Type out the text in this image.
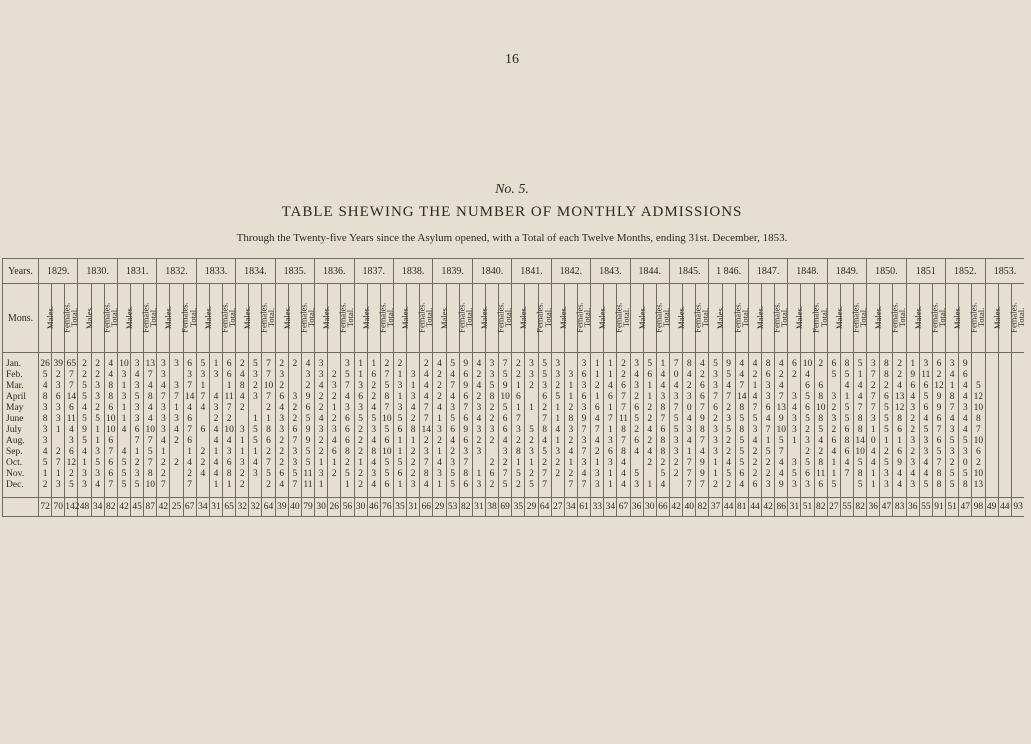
16
No. 5.
TABLE SHEWING THE NUMBER OF MONTHLY ADMISSIONS
Through the Twenty-five Years since the Asylum opened, with a Total of each Twelve Months, ending 31st. December, 1853.
Years.	1829.	1830.	1831.	1832.	1833.	1834.	1835.	1836.	1837.	1838.	1839.	1840.	1841.	1842.	1843.	1844.	1845.	1 846.	1847.	1848.	1849.	1850.	1851	1852.	1853.
Mons.	Males.	Females.	Total.	Males.	Females.	Total.	Males.	Females.	Total.	Males.	Females.	Total.	Males.	Females.	Total.	Males.	Females.	Total.	Males.	Females.	Total.	Males.	Females.	Total.	Males.	Females.	Total.	Males.	Females.	Total.	Males.	Females.	Total.	Males.	Females.	Total.	Males.	Females.	Total.	Males.	Females.	Total.	Males.	Females.	Total.	Males.	Females.	Total.	Males.	Females.	Total.	Males.	Females.	Total.	Males.	Females.	Total.	Males.	Females.	Total.	Males.	Females.	Total.	Males.	Females.	Total.	Males.	Females.	Total.	Males.	Females.	Total.	Males.	Females.	Total.
Jan.	26	39	65	2	2	4	10	3	13	3	3	6	5	1	6	2	5	7	2	2	4	3		3	1	1	2	2		2	4	5	9	4	3	7	2	3	5	3		3	1	1	2	3	5	1	7	8	4	5	9	4	4	8	4	6	10	2	6	8	5	3	8	2	1	3	6	3	9				
Feb.	5	2	7	2	2	4	3	4	7	3		3	3	3	6	4	3	7	3		3	3	2	5	1	6	7	1	3	4	2	4	6	2	3	5	2	3	5	3	3	6	1	1	2	4	6	4	0	4	2	3	5	4	2	6	2	2	4		5	5	1	7	8	2	9	11	2	4	6				
Mar.	4	3	7	5	3	8	1	3	4	4	3	7	1		1	8	2	10	2		2	4	3	7	3	2	5	3	1	4	2	7	9	4	5	9	1	2	3	2	1	3	2	4	6	3	1	4	4	2	6	3	4	7	1	3	4		6	6		4	4	2	2	4	6	6	12	1	4	5			
April	8	6	14	5	3	8	3	5	8	7	7	14	7	4	11	4	3	7	6	3	9	2	2	4	6	2	8	1	3	4	2	4	6	2	8	10	6		6	5	1	6	1	6	7	2	1	3	3	3	6	7	7	14	4	3	7	3	5	8	3	1	4	7	6	13	4	5	9	8	4	12			
May	3	3	6	4	2	6	1	3	4	3	1	4	4	3	7	2		2	4	2	6	2	1	3	3	4	7	3	4	7	4	3	7	3	2	5	1	1	2	1	2	3	6	1	7	6	2	8	7	0	7	6	2	8	7	6	13	4	6	10	2	5	7	7	5	12	3	6	9	7	3	10			
June	8	3	11	5	5	10	1	3	4	3	3	6		2	2		1	1	3	2	5	4	2	6	5	5	10	5	2	7	1	5	6	4	2	6	7		7	1	8	9	4	7	11	5	2	7	5	4	9	2	3	5	5	4	9	3	5	8	3	5	8	3	5	8	2	4	6	4	4	8			
July	3	1	4	9	1	10	4	6	10	3	4	7	6	4	10	3	5	8	3	6	9	3	3	6	2	3	5	6	8	14	3	6	9	3	3	6	3	5	8	4	3	7	7	1	8	2	4	6	5	3	8	3	5	8	3	7	10	3	2	5	2	6	8	1	5	6	2	5	7	3	4	7			
Aug.	3		3	5	1	6		7	7	4	2	6		4	4	1	5	6	2	7	9	2	4	6	2	4	6	1	1	2	2	4	6	2	2	4	2	2	4	1	2	3	4	3	7	6	2	8	3	4	7	3	2	5	4	1	5	1	3	4	6	8	14	0	1	1	3	3	6	5	5	10			
Sep.	4	2	6	4	3	7	4	1	5	1		1	2	1	3	1	1	2	2	3	5	2	6	8	2	8	10	1	2	3	1	2	3	3		3	8	3	5	3	4	7	2	6	8	4	4	8	3	1	4	3	2	5	2	5	7		2	2	4	6	10	4	2	6	2	3	5	3	3	6			
Oct.	5	7	12	1	5	6	5	2	7	2	2	4	2	4	6	3	4	7	2	3	5	1	1	2	1	4	5	5	2	7	4	3	7		2	2	1	1	2	2	1	3	1	3	4		2	2	2	7	9	1	4	5	2	2	4	3	5	8	1	4	5	4	5	9	3	4	7	2	0	2			
Nov.	1	1	2	3	3	6	5	3	8	2		2	4	4	8	2	3	5	6	5	11	3	2	5	2	3	5	6	2	8	3	5	8	1	6	7	5	2	7	2	2	4	3	1	4	5		5	2	7	9	1	5	6	2	2	4	5	6	11	1	7	8	1	3	4	4	4	8	5	5	10			
Dec.	2	3	5	3	4	7	5	5	10	7		7		1	1	2		2	4	7	11	1		1	2	4	6	1	3	4	1	5	6	3	2	5	2	5	7		7	7	3	1	4	3	1	4		7	7	2	2	4	6	3	9	3	3	6	5		5	1	3	4	3	5	8	5	8	13			

	72	70	142	48	34	82	42	45	87	42	25	67	34	31	65	32	32	64	39	40	79	30	26	56	30	46	76	35	31	66	29	53	82	31	38	69	35	29	64	27	34	61	33	34	67	36	30	66	42	40	82	37	44	81	44	42	86	31	51	82	27	55	82	36	47	83	36	55	91	51	47	98	49	44	93
